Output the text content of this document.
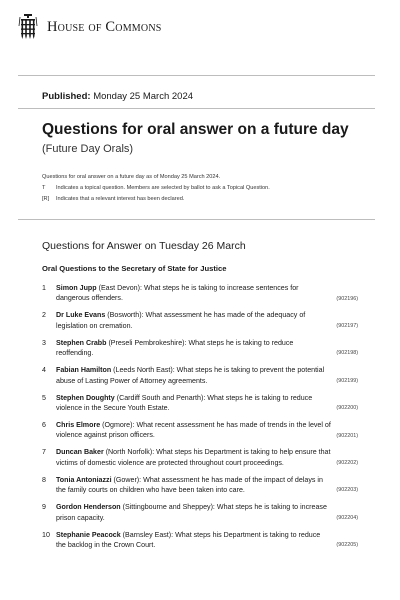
House of Commons
Published: Monday 25 March 2024
Questions for oral answer on a future day
(Future Day Orals)
Questions for oral answer on a future day as of Monday 25 March 2024.
T	Indicates a topical question. Members are selected by ballot to ask a Topical Question.
[R]	Indicates that a relevant interest has been declared.
Questions for Answer on Tuesday 26 March
Oral Questions to the Secretary of State for Justice
1	Simon Jupp (East Devon): What steps he is taking to increase sentences for dangerous offenders.	(902196)
2	Dr Luke Evans (Bosworth): What assessment he has made of the adequacy of legislation on cremation.	(902197)
3	Stephen Crabb (Preseli Pembrokeshire): What steps he is taking to reduce reoffending.	(902198)
4	Fabian Hamilton (Leeds North East): What steps he is taking to prevent the potential abuse of Lasting Power of Attorney agreements.	(902199)
5	Stephen Doughty (Cardiff South and Penarth): What steps he is taking to reduce violence in the Secure Youth Estate.	(902200)
6	Chris Elmore (Ogmore): What recent assessment he has made of trends in the level of violence against prison officers.	(902201)
7	Duncan Baker (North Norfolk): What steps his Department is taking to help ensure that victims of domestic violence are protected throughout court proceedings.	(902202)
8	Tonia Antoniazzi (Gower): What assessment he has made of the impact of delays in the family courts on children who have been taken into care.	(902203)
9	Gordon Henderson (Sittingbourne and Sheppey): What steps he is taking to increase prison capacity.	(902204)
10 Stephanie Peacock (Barnsley East): What steps his Department is taking to reduce the backlog in the Crown Court.	(902205)
